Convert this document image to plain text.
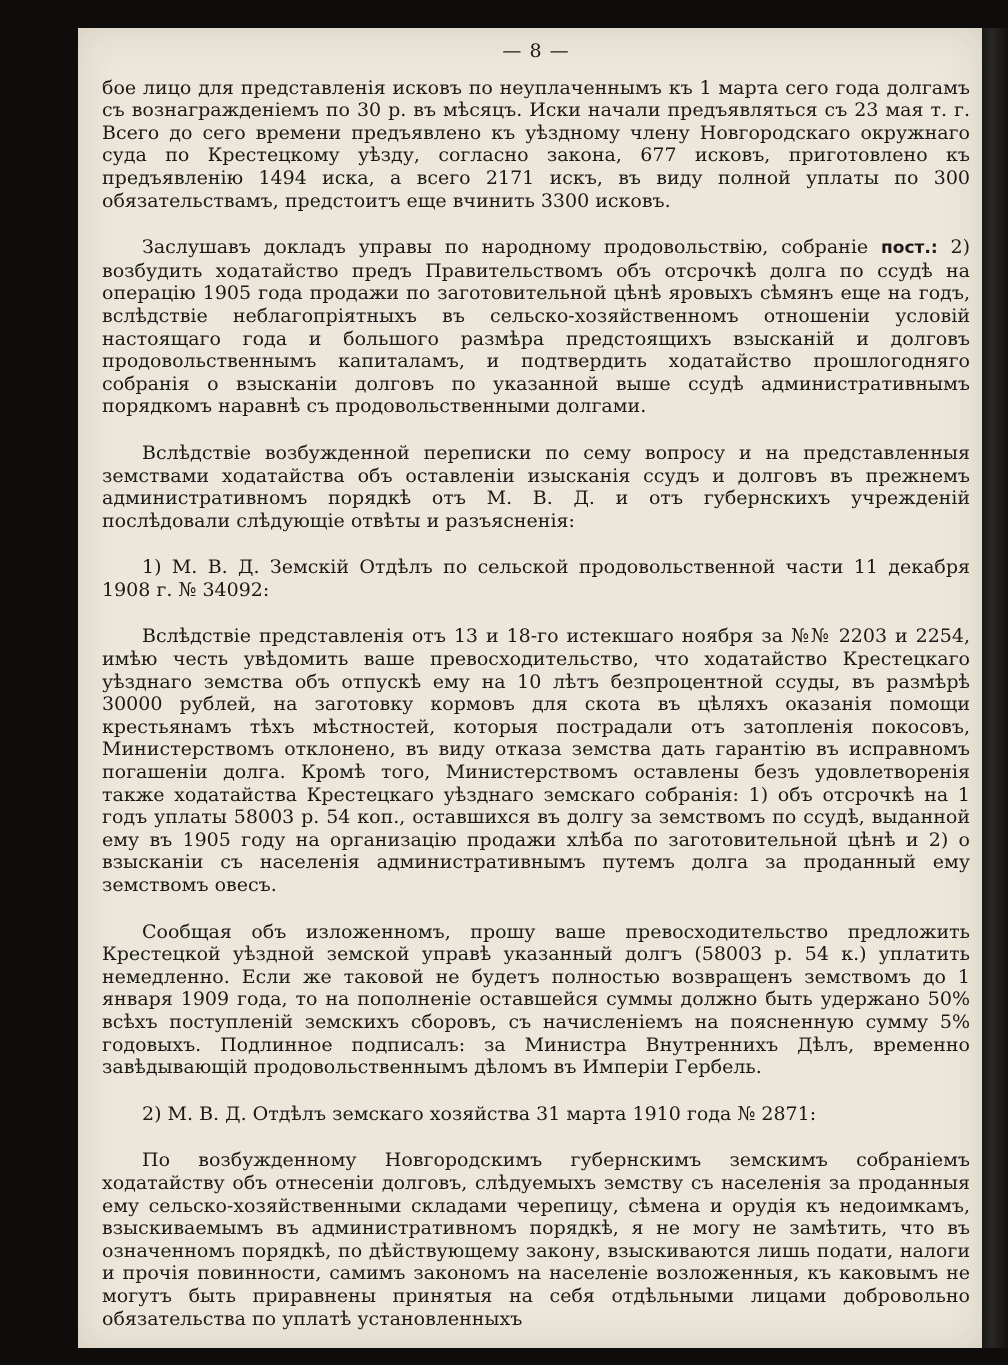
— 8 —

бое лицо для представленія исковъ по неуплаченнымъ къ 1 марта сего года долгамъ съ вознагражденіемъ по 30 р. въ мѣсяцъ. Иски начали предъявляться съ 23 мая т. г. Всего до сего времени предъявлено къ уѣздному члену Новгородскаго окружнаго суда по Крестецкому уѣзду, согласно закона, 677 исковъ, приготовлено къ предъявленію 1494 иска, а всего 2171 искъ, въ виду полной уплаты по 300 обязательствамъ, предстоитъ еще вчинить 3300 исковъ.

Заслушавъ докладъ управы по народному продовольствію, собраніе пост.: 2) возбудить ходатайство предъ Правительствомъ объ отсрочкѣ долга по ссудѣ на операцію 1905 года продажи по заготовительной цѣнѣ яровыхъ сѣмянъ еще на годъ, вслѣдствіе неблагопріятныхъ въ сельско-хозяйственномъ отношеніи условій настоящаго года и большого размѣра предстоящихъ взысканій и долговъ продовольственнымъ капиталамъ, и подтвердить ходатайство прошлогодняго собранія о взысканіи долговъ по указанной выше ссудѣ административнымъ порядкомъ наравнѣ съ продовольственными долгами.

Вслѣдствіе возбужденной переписки по сему вопросу и на представленныя земствами ходатайства объ оставленіи изысканія ссудъ и долговъ въ прежнемъ административномъ порядкѣ отъ М. В. Д. и отъ губернскихъ учрежденій послѣдовали слѣдующіе отвѣты и разъясненія:

1) М. В. Д. Земскій Отдѣлъ по сельской продовольственной части 11 декабря 1908 г. № 34092:

Вслѣдствіе представленія отъ 13 и 18-го истекшаго ноября за №№ 2203 и 2254, имѣю честь увѣдомить ваше превосходительство, что ходатайство Крестецкаго уѣзднаго земства объ отпускѣ ему на 10 лѣтъ безпроцентной ссуды, въ размѣрѣ 30000 рублей, на заготовку кормовъ для скота въ цѣляхъ оказанія помощи крестьянамъ тѣхъ мѣстностей, которыя пострадали отъ затопленія покосовъ, Министерствомъ отклонено, въ виду отказа земства дать гарантію въ исправномъ погашеніи долга. Кромѣ того, Министерствомъ оставлены безъ удовлетворенія также ходатайства Крестецкаго уѣзднаго земскаго собранія: 1) объ отсрочкѣ на 1 годъ уплаты 58003 р. 54 коп., оставшихся въ долгу за земствомъ по ссудѣ, выданной ему въ 1905 году на организацію продажи хлѣба по заготовительной цѣнѣ и 2) о взысканіи съ населенія административнымъ путемъ долга за проданный ему земствомъ овесъ.

Сообщая объ изложенномъ, прошу ваше превосходительство предложить Крестецкой уѣздной земской управѣ указанный долгъ (58003 р. 54 к.) уплатить немедленно. Если же таковой не будетъ полностью возвращенъ земствомъ до 1 января 1909 года, то на пополненіе оставшейся суммы должно быть удержано 50% всѣхъ поступленій земскихъ сборовъ, съ начисленіемъ на поясненную сумму 5% годовыхъ. Подлинное подписалъ: за Министра Внутреннихъ Дѣлъ, временно завѣдывающій продовольственнымъ дѣломъ въ Имперіи Гербель.

2) М. В. Д. Отдѣлъ земскаго хозяйства 31 марта 1910 года № 2871:

По возбужденному Новгородскимъ губернскимъ земскимъ собраніемъ ходатайству объ отнесеніи долговъ, слѣдуемыхъ земству съ населенія за проданныя ему сельско-хозяйственными складами черепицу, сѣмена и орудія къ недоимкамъ, взыскиваемымъ въ административномъ порядкѣ, я не могу не замѣтить, что въ означенномъ порядкѣ, по дѣйствующему закону, взыскиваются лишь подати, налоги и прочія повинности, самимъ закономъ на населеніе возложенныя, къ каковымъ не могутъ быть приравнены принятыя на себя отдѣльными лицами добровольно обязательства по уплатѣ установленныхъ
